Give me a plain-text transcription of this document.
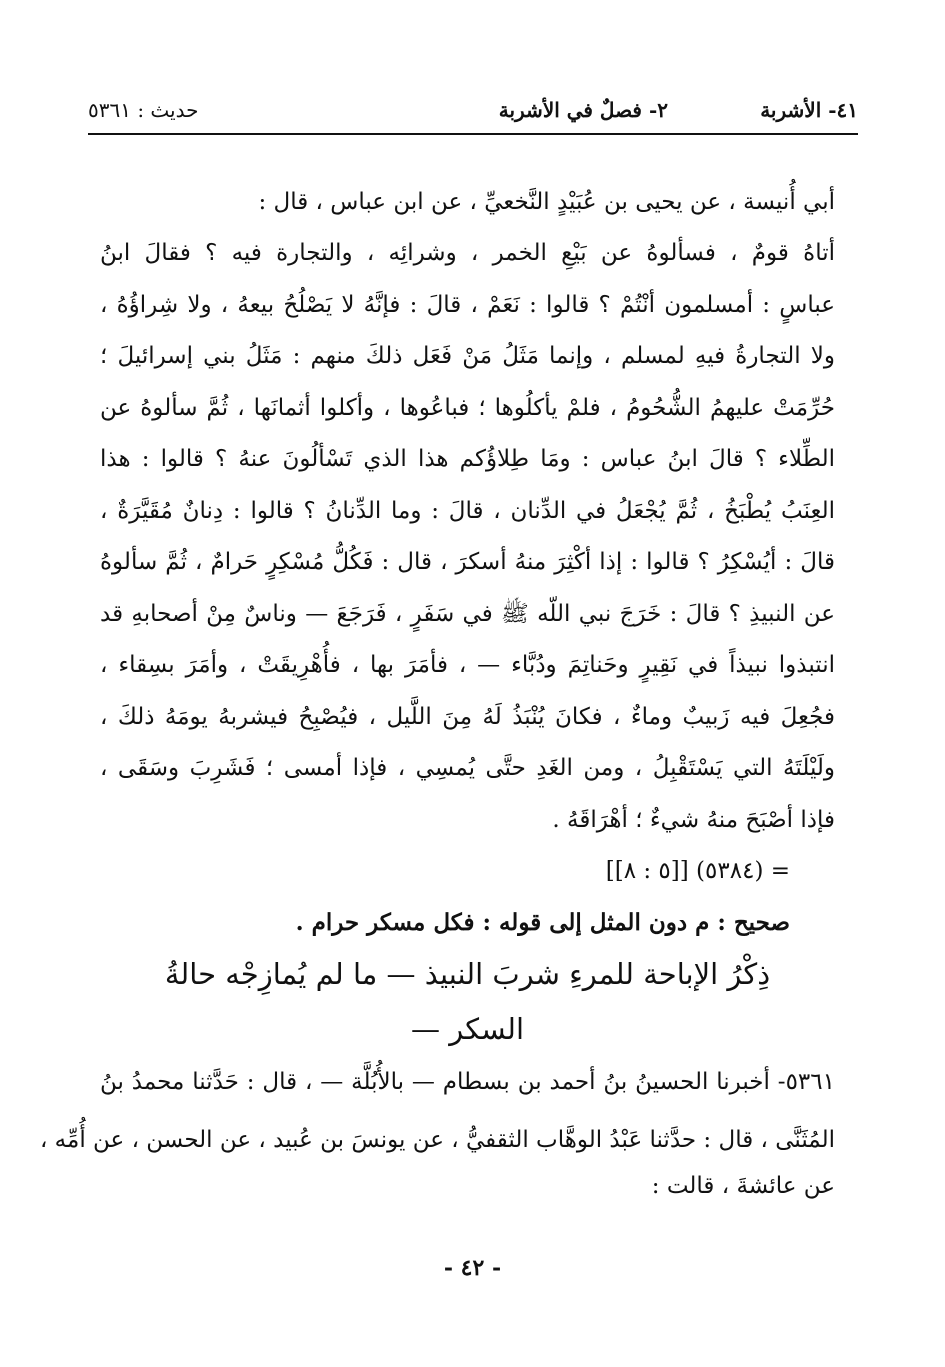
٤١- الأشربة
٢- فصلٌ في الأشربة
حديث : ٥٣٦١
أبي أُنيسة ، عن يحيى بن عُبَيْدٍ النَّخعيِّ ، عن ابن عباس ، قال :
أتاهُ قومٌ ، فسألوهُ عن بَيْعِ الخمر ، وشرائِه ، والتجارة فيه ؟ فقالَ ابنُ
عباسٍ : أمسلمون أنْتُمْ ؟ قالوا : نَعَمْ ، قالَ : فإنَّهُ لا يَصْلُحُ بيعهُ ، ولا شِراؤُهُ ،
ولا التجارةُ فيهِ لمسلم ، وإنما مَثَلُ مَنْ فَعَل ذلكَ منهم : مَثَلُ بني إسرائيلَ ؛
حُرِّمَتْ عليهمُ الشُّحُومُ ، فلمْ يأكلُوها ؛ فباعُوها ، وأكلوا أثمانَها ، ثُمَّ سألوهُ عن
الطِّلاء ؟ قالَ ابنُ عباس : ومَا طِلاؤُكم هذا الذي تَسْألُونَ عنهُ ؟ قالوا : هذا
العِنَبُ يُطْبَخُ ، ثُمَّ يُجْعَلُ في الدِّنان ، قالَ : وما الدِّنانُ ؟ قالوا : دِنانٌ مُقَيَّرَةٌ ،
قالَ : أيُسْكِرُ ؟ قالوا : إذا أكْثِرَ منهُ أسكرَ ، قال : فَكُلُّ مُسْكِرٍ حَرامٌ ، ثُمَّ سألوهُ
عن النبيذِ ؟ قالَ : خَرَجَ نبي اللّه ﷺ في سَفَرٍ ، فَرَجَعَ — وناسٌ مِنْ أصحابهِ قد
انتبذوا نبيذاً في نَقِيرٍ وحَناتِمَ ودُبَّاء — ، فأمَرَ بها ، فأُهْرِيقَتْ ، وأمَرَ بسِقاء ،
فجُعِلَ فيه زَبيبٌ وماءٌ ، فكانَ يُنْبَذُ لَهُ مِنَ اللَّيل ، فيُصْبِحُ فيشربهُ يومَهُ ذلكَ ،
ولَيْلَتَهُ التي يَسْتَقْبِلُ ، ومن الغَدِ حتَّى يُمسِي ، فإذا أمسى ؛ فَشَرِبَ وسَقَى ،
فإذا أصْبَحَ منهُ شيءٌ ؛ أهْرَاقَهُ .
= (٥٣٨٤) [[٥ : ٨]]
صحيح : م دون المثل إلى قوله : فكل مسكر حرام .
ذِكْرُ الإباحة للمرءِ شربَ النبيذ — ما لم يُمازِجْه حالةُ
السكر —
٥٣٦١- أخبرنا الحسينُ بنُ أحمد بن بسطام — بالأُبُلَّة — ، قال : حَدَّثنا محمدُ بنُ
المُثَنَّى ، قال : حدَّثنا عَبْدُ الوهَّاب الثقفيُّ ، عن يونسَ بن عُبيد ، عن الحسن ، عن أُمِّه ،
عن عائشةَ ، قالت :
- ٤٢ -
